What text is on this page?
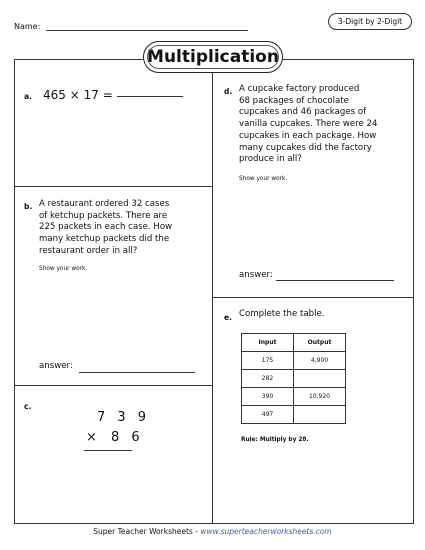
Name:
3-Digit by 2-Digit
Multiplication
a. 465 × 17 =
b. A restaurant ordered 32 cases
of ketchup packets. There are
225 packets in each case. How
many ketchup packets did the
restaurant order in all?
Show your work.
answer:
c.
7 3 9
× 8 6
d. A cupcake factory produced
68 packages of chocolate
cupcakes and 46 packages of
vanilla cupcakes. There were 24
cupcakes in each package. How
many cupcakes did the factory
produce in all?
Show your work.
answer:
e. Complete the table.
Input	Output
175	4,900
282	
390	10,920
497	
Rule: Multiply by 28.
Super Teacher Worksheets - www.superteacherworksheets.com
